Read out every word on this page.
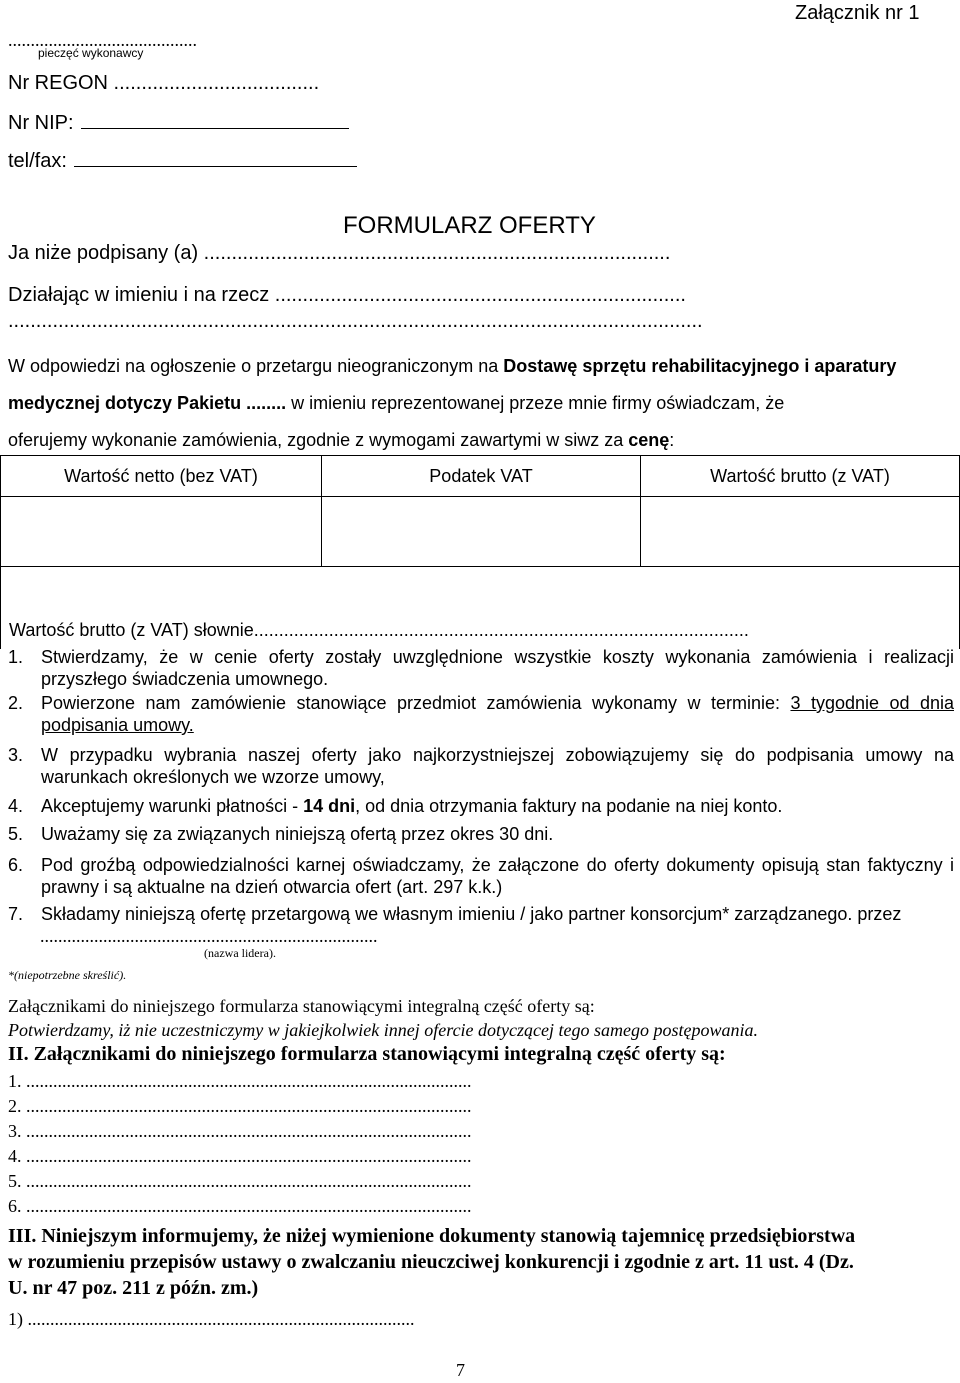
Załącznik nr 1
..........................................
pieczęć wykonawcy
Nr REGON .....................................
Nr NIP:
tel/fax:
FORMULARZ OFERTY
Ja niże podpisany (a) ....................................................................................
Działając w imieniu i na rzecz ..........................................................................
.............................................................................................................................
W odpowiedzi na ogłoszenie o przetargu nieograniczonym na Dostawę sprzętu rehabilitacyjnego i aparatury
medycznej dotyczy Pakietu ........ w imieniu reprezentowanej przeze mnie firmy oświadczam, że
oferujemy wykonanie zamówienia, zgodnie z wymogami zawartymi w siwz za cenę:
Wartość netto (bez VAT)	Podatek VAT	Wartość brutto (z VAT)

Wartość brutto (z VAT) słownie...................................................................................................		
1. Stwierdzamy, że w cenie oferty zostały uwzględnione wszystkie koszty wykonania zamówienia i realizacji przyszłego świadczenia umownego.
2. Powierzone nam zamówienie stanowiące przedmiot zamówienia wykonamy w terminie: 3 tygodnie od dnia podpisania umowy.
3. W przypadku wybrania naszej oferty jako najkorzystniejszej zobowiązujemy się do podpisania umowy na warunkach określonych we wzorze umowy,
4. Akceptujemy warunki płatności - 14 dni, od dnia otrzymania faktury na podanie na niej konto.
5. Uważamy się za związanych niniejszą ofertą przez okres 30 dni.
6. Pod groźbą odpowiedzialności karnej oświadczamy, że załączone do oferty dokumenty opisują stan faktyczny i prawny i są aktualne na dzień otwarcia ofert (art. 297 k.k.)
7. Składamy niniejszą ofertę przetargową we własnym imieniu / jako partner konsorcjum* zarządzanego. przez
...........................................................................
(nazwa lidera).
*(niepotrzebne skreślić).
Załącznikami do niniejszego formularza stanowiącymi integralną część oferty są:
Potwierdzamy, iż nie uczestniczymy w jakiejkolwiek innej ofercie dotyczącej tego samego postępowania.
II. Załącznikami do niniejszego formularza stanowiącymi integralną część oferty są:
1. ...................................................................................................
2. ...................................................................................................
3. ...................................................................................................
4. ...................................................................................................
5. ...................................................................................................
6. ...................................................................................................
III. Niniejszym informujemy, że niżej wymienione dokumenty stanowią tajemnicę przedsiębiorstwa
w rozumieniu przepisów ustawy o zwalczaniu nieuczciwej konkurencji i zgodnie z art. 11 ust. 4 (Dz.
U. nr 47 poz. 211 z późn. zm.)
1) ......................................................................................
7
